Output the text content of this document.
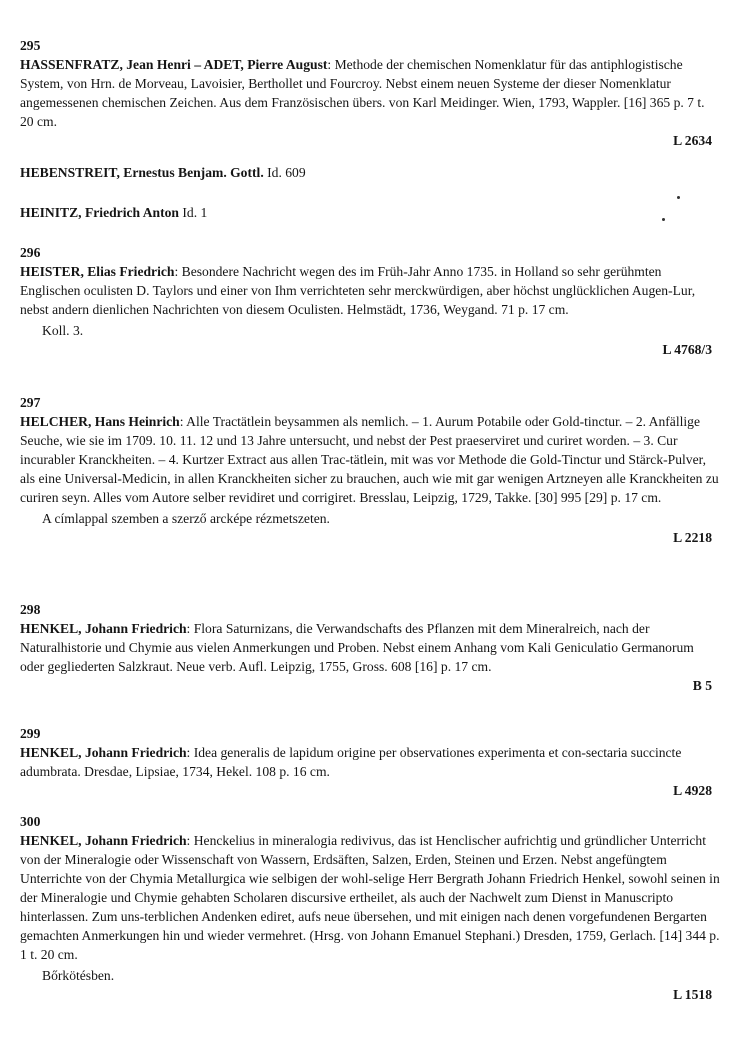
295
HASSENFRATZ, Jean Henri – ADET, Pierre August: Methode der chemischen Nomenklatur für das antiphlogistische System, von Hrn. de Morveau, Lavoisier, Berthollet und Fourcroy. Nebst einem neuen Systeme der dieser Nomenklatur angemessenen chemischen Zeichen. Aus dem Französischen übers. von Karl Meidinger. Wien, 1793, Wappler. [16] 365 p. 7 t. 20 cm.
L 2634
HEBENSTREIT, Ernestus Benjam. Gottl. Id. 609
HEINITZ, Friedrich Anton Id. 1
296
HEISTER, Elias Friedrich: Besondere Nachricht wegen des im Früh-Jahr Anno 1735. in Holland so sehr gerühmten Englischen oculisten D. Taylors und einer von Ihm verrichteten sehr merckwürdigen, aber höchst unglücklichen Augen-Lur, nebst andern dienlichen Nachrichten von diesem Oculisten. Helmstädt, 1736, Weygand. 71 p. 17 cm.
Koll. 3.
L 4768/3
297
HELCHER, Hans Heinrich: Alle Tractätlein beysammen als nemlich. – 1. Aurum Potabile oder Gold-tinctur. – 2. Anfällige Seuche, wie sie im 1709. 10. 11. 12 und 13 Jahre untersucht, und nebst der Pest praeserviret und curiret worden. – 3. Cur incurabler Kranckheiten. – 4. Kurtzer Extract aus allen Trac-tätlein, mit was vor Methode die Gold-Tinctur und Stärck-Pulver, als eine Universal-Medicin, in allen Kranckheiten sicher zu brauchen, auch wie mit gar wenigen Artzneyen alle Kranckheiten zu curiren seyn. Alles vom Autore selber revidiret und corrigiret. Bresslau, Leipzig, 1729, Takke. [30] 995 [29] p. 17 cm.
A címlappal szemben a szerző arcképe rézmetszeten.
L 2218
298
HENKEL, Johann Friedrich: Flora Saturnizans, die Verwandschafts des Pflanzen mit dem Mineralreich, nach der Naturalhistorie und Chymie aus vielen Anmerkungen und Proben. Nebst einem Anhang vom Kali Geniculatio Germanorum oder gegliederten Salzkraut. Neue verb. Aufl. Leipzig, 1755, Gross. 608 [16] p. 17 cm.
B 5
299
HENKEL, Johann Friedrich: Idea generalis de lapidum origine per observationes experimenta et con-sectaria succincte adumbrata. Dresdae, Lipsiae, 1734, Hekel. 108 p. 16 cm.
L 4928
300
HENKEL, Johann Friedrich: Henckelius in mineralogia redivivus, das ist Henclischer aufrichtig und gründlicher Unterricht von der Mineralogie oder Wissenschaft von Wassern, Erdsäften, Salzen, Erden, Steinen und Erzen. Nebst angefüngtem Unterrichte von der Chymia Metallurgica wie selbigen der wohl-selige Herr Bergrath Johann Friedrich Henkel, sowohl seinen in der Mineralogie und Chymie gehabten Scholaren discursive ertheilet, als auch der Nachwelt zum Dienst in Manuscripto hinterlassen. Zum uns-terblichen Andenken ediret, aufs neue übersehen, und mit einigen nach denen vorgefundenen Bergarten gemachten Anmerkungen hin und wieder vermehret. (Hrsg. von Johann Emanuel Stephani.) Dresden, 1759, Gerlach. [14] 344 p. 1 t. 20 cm.
Bőrkötésben.
L 1518
